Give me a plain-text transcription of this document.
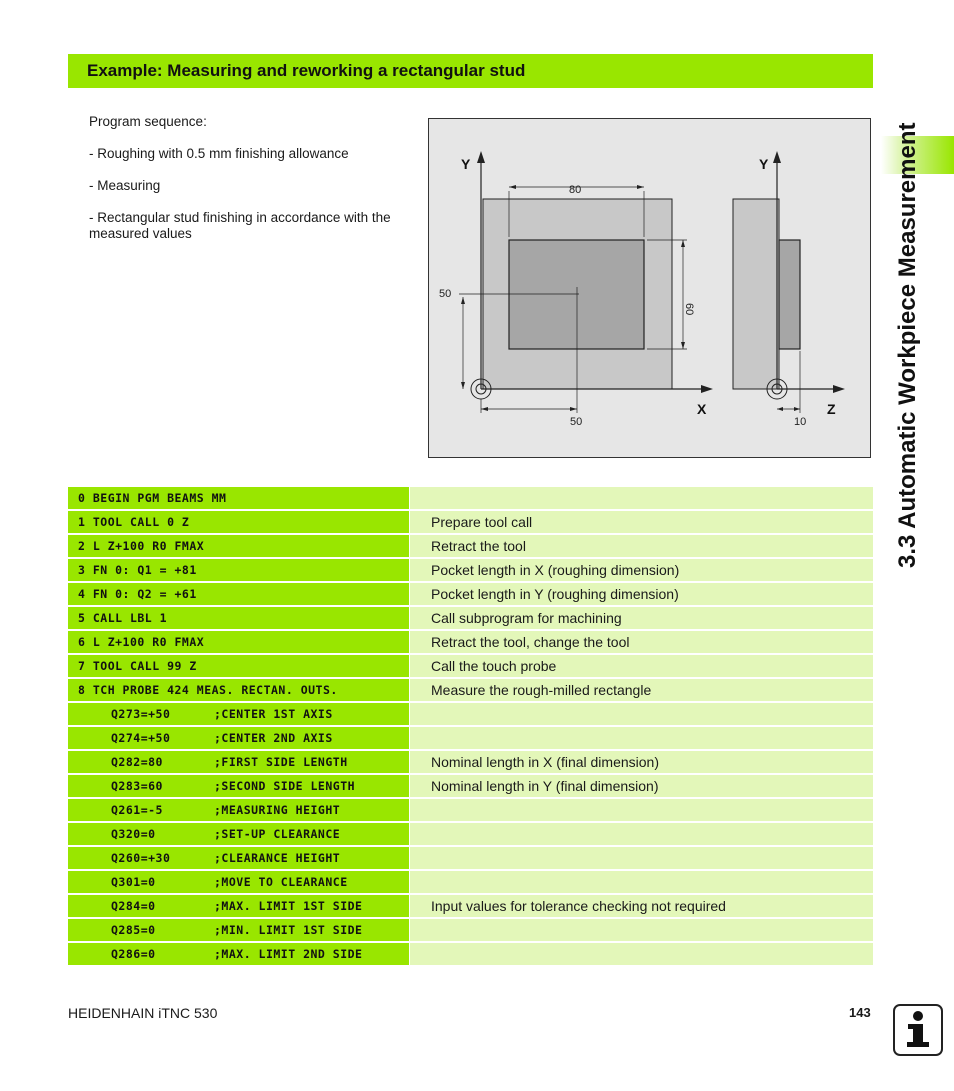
Example: Measuring and reworking a rectangular stud
3.3 Automatic Workpiece Measurement

Program sequence:

- Roughing with 0.5 mm finishing allowance

- Measuring

- Rectangular stud finishing in accordance with the measured values

Y	Y
X	Z
80
50
60
50	10
0 BEGIN PGM BEAMS MM
1 TOOL CALL 0 Z	Prepare tool call
2 L Z+100 R0 FMAX	Retract the tool
3 FN 0: Q1 = +81	Pocket length in X (roughing dimension)
4 FN 0: Q2 = +61	Pocket length in Y (roughing dimension)
5 CALL LBL 1	Call subprogram for machining
6 L Z+100 R0 FMAX	Retract the tool, change the tool
7 TOOL CALL 99 Z	Call the touch probe
8 TCH PROBE 424 MEAS. RECTAN. OUTS.	Measure the rough-milled rectangle
Q273=+50	;CENTER 1ST AXIS
Q274=+50	;CENTER 2ND AXIS
Q282=80	;FIRST SIDE LENGTH	Nominal length in X (final dimension)
Q283=60	;SECOND SIDE LENGTH	Nominal length in Y (final dimension)
Q261=-5	;MEASURING HEIGHT
Q320=0	;SET-UP CLEARANCE
Q260=+30	;CLEARANCE HEIGHT
Q301=0	;MOVE TO CLEARANCE
Q284=0	;MAX. LIMIT 1ST SIDE	Input values for tolerance checking not required
Q285=0	;MIN. LIMIT 1ST SIDE
Q286=0	;MAX. LIMIT 2ND SIDE
HEIDENHAIN iTNC 530	143
